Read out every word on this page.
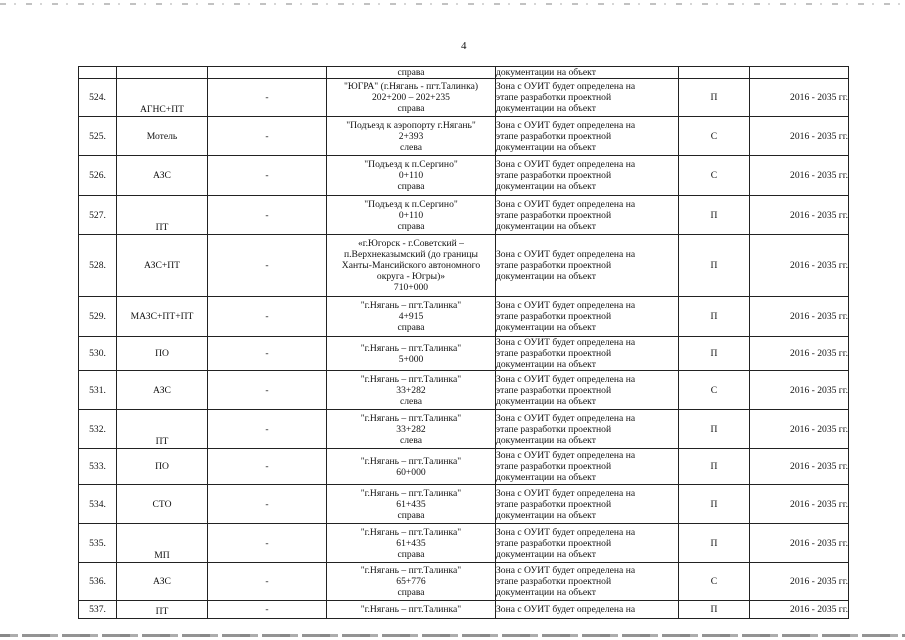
4

			справа	документации на объект		

524.	АГНС+ПТ	-	"ЮГРА" (г.Нягань - пгт.Талинка)
202+200 – 202+235
справа	Зона с ОУИТ будет определена на
этапе разработки проектной
документации на объект	П	2016 - 2035 гг.
525.	Мотель	-	"Подъезд к аэропорту г.Нягань"
2+393
слева	Зона с ОУИТ будет определена на
этапе разработки проектной
документации на объект	С	2016 - 2035 гг.
526.	АЗС	-	"Подъезд к п.Сергино"
0+110
справа	Зона с ОУИТ будет определена на
этапе разработки проектной
документации на объект	С	2016 - 2035 гг.
527.	ПТ	-	"Подъезд к п.Сергино"
0+110
справа	Зона с ОУИТ будет определена на
этапе разработки проектной
документации на объект	П	2016 - 2035 гг.
528.	АЗС+ПТ	-	«г.Югорск - г.Советский –
п.Верхнеказымский (до границы
Ханты-Мансийского автономного
округа - Югры)»
710+000	Зона с ОУИТ будет определена на
этапе разработки проектной
документации на объект	П	2016 - 2035 гг.
529.	МАЗС+ПТ+ПТ	-	"г.Нягань – пгт.Талинка"
4+915
справа	Зона с ОУИТ будет определена на
этапе разработки проектной
документации на объект	П	2016 - 2035 гг.
530.	ПО	-	"г.Нягань – пгт.Талинка"
5+000	Зона с ОУИТ будет определена на
этапе разработки проектной
документации на объект	П	2016 - 2035 гг.
531.	АЗС	-	"г.Нягань – пгт.Талинка"
33+282
слева	Зона с ОУИТ будет определена на
этапе разработки проектной
документации на объект	С	2016 - 2035 гг.
532.	ПТ	-	"г.Нягань – пгт.Талинка"
33+282
слева	Зона с ОУИТ будет определена на
этапе разработки проектной
документации на объект	П	2016 - 2035 гг.
533.	ПО	-	"г.Нягань – пгт.Талинка"
60+000	Зона с ОУИТ будет определена на
этапе разработки проектной
документации на объект	П	2016 - 2035 гг.
534.	СТО	-	"г.Нягань – пгт.Талинка"
61+435
справа	Зона с ОУИТ будет определена на
этапе разработки проектной
документации на объект	П	2016 - 2035 гг.
535.	МП	-	"г.Нягань – пгт.Талинка"
61+435
справа	Зона с ОУИТ будет определена на
этапе разработки проектной
документации на объект	П	2016 - 2035 гг.
536.	АЗС	-	"г.Нягань – пгт.Талинка"
65+776
справа	Зона с ОУИТ будет определена на
этапе разработки проектной
документации на объект	С	2016 - 2035 гг.
537.	ПТ	-	"г.Нягань – пгт.Талинка"	Зона с ОУИТ будет определена на	П	2016 - 2035 гг.
